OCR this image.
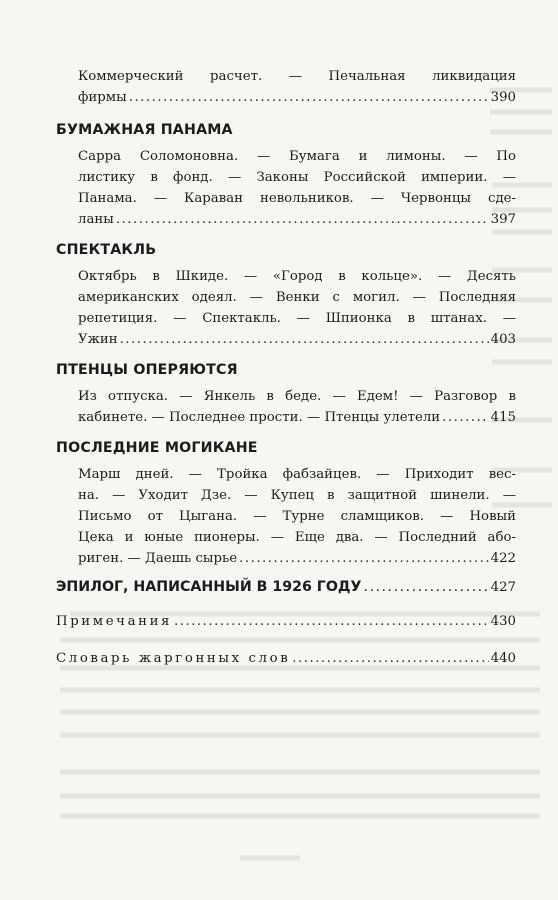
Коммерческий расчет. — Печальная ликвидация
фирмы .....	390
БУМАЖНАЯ ПАНАМА
Сарра Соломоновна. — Бумага и лимоны. — По
листику в фонд. — Законы Российской империи. —
Панама. — Караван невольников. — Червонцы сде-
ланы .....	397
СПЕКТАКЛЬ
Октябрь в Шкиде. — «Город в кольце». — Десять
американских одеял. — Венки с могил. — Последняя
репетиция. — Спектакль. — Шпионка в штанах. —
Ужин .....	403
ПТЕНЦЫ ОПЕРЯЮТСЯ
Из отпуска. — Янкель в беде. — Едем! — Разговор в
кабинете. — Последнее прости. — Птенцы улетели .....	415
ПОСЛЕДНИЕ МОГИКАНЕ
Марш дней. — Тройка фабзайцев. — Приходит вес-
на. — Уходит Дзе. — Купец в защитной шинели. —
Письмо от Цыгана. — Турне сламщиков. — Новый
Цека и юные пионеры. — Еще два. — Последний або-
риген. — Даешь сырье .....	422
ЭПИЛОГ, НАПИСАННЫЙ В 1926 ГОДУ .....	427
Примечания .....	430
Словарь жаргонных слов .....	440
